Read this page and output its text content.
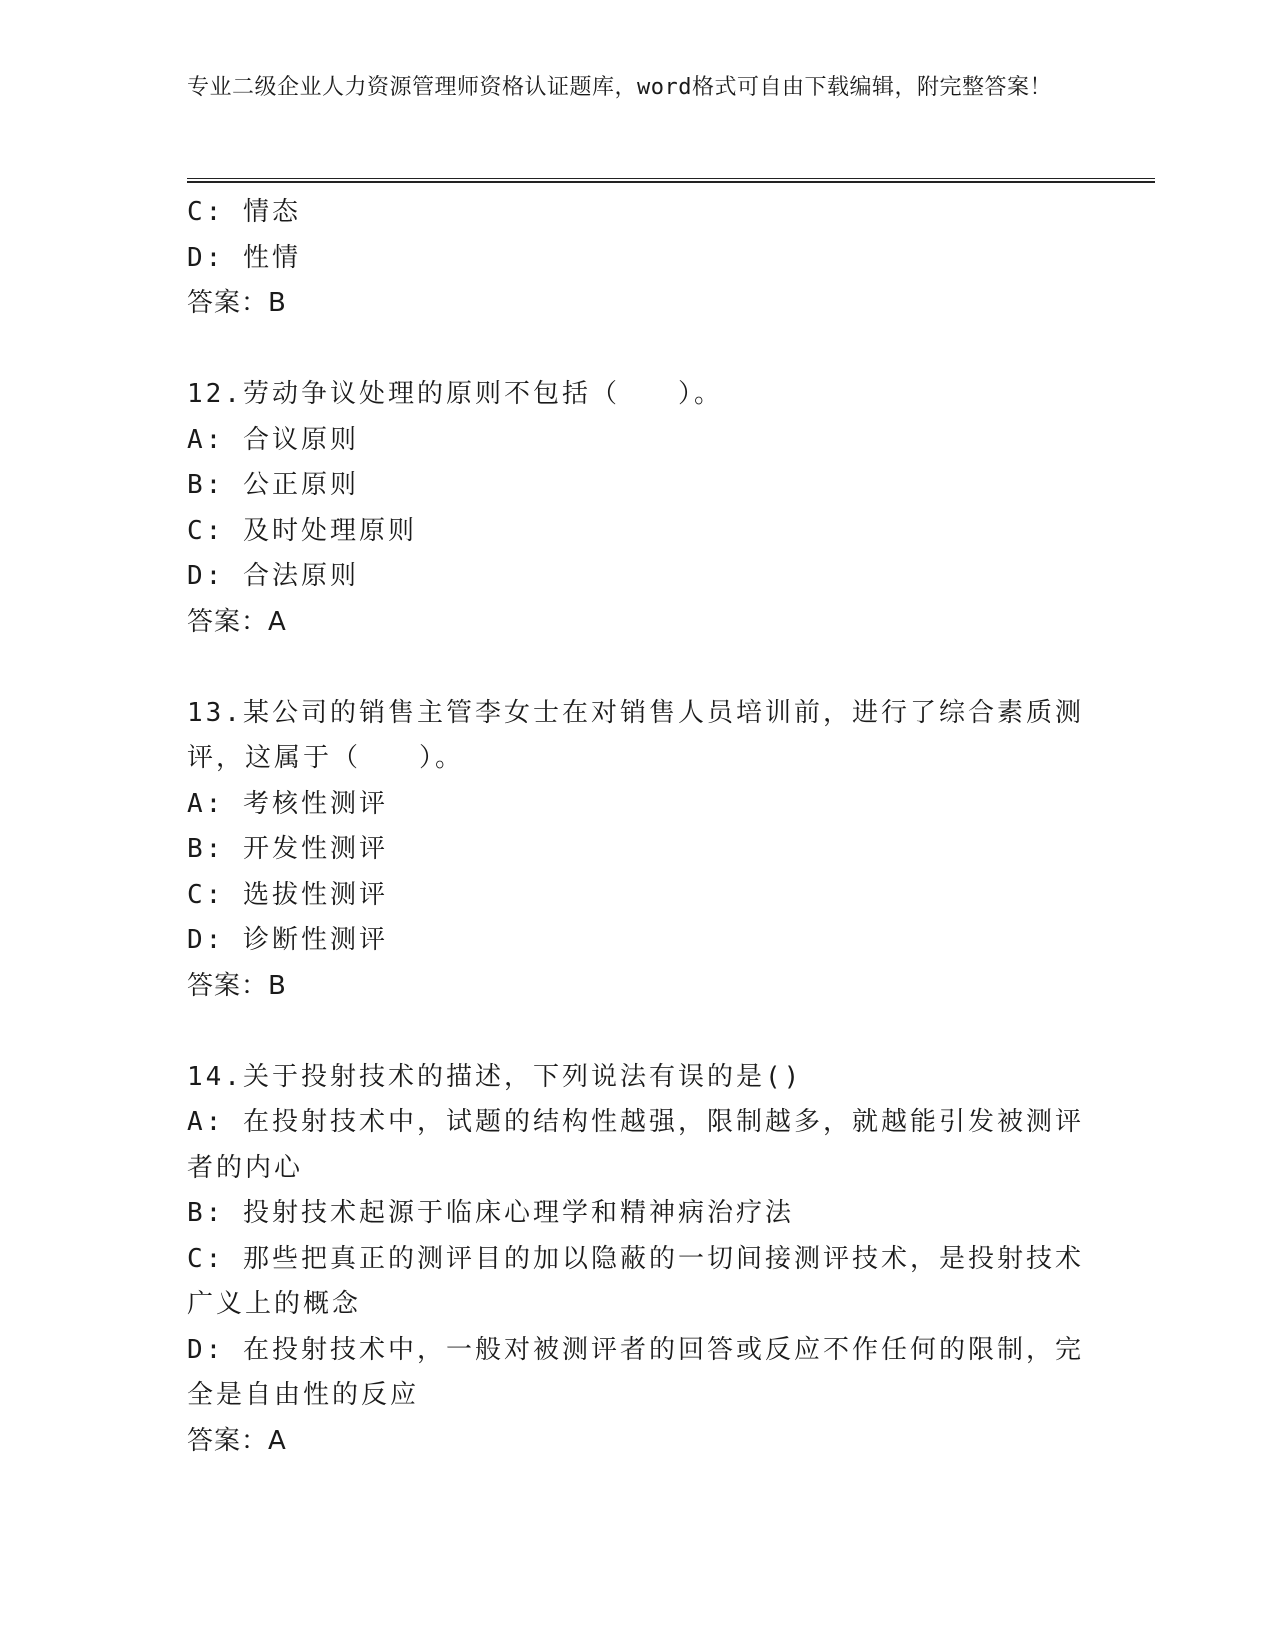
专业二级企业人力资源管理师资格认证题库，word格式可自由下载编辑，附完整答案！

C: 情态

D: 性情

答案：B

12.劳动争议处理的原则不包括（　　）。

A: 合议原则

B: 公正原则

C: 及时处理原则

D: 合法原则

答案：A

13.某公司的销售主管李女士在对销售人员培训前，进行了综合素质测评，这属于（　　）。

A: 考核性测评

B: 开发性测评

C: 选拔性测评

D: 诊断性测评

答案：B

14.关于投射技术的描述，下列说法有误的是()

A: 在投射技术中，试题的结构性越强，限制越多，就越能引发被测评者的内心

B: 投射技术起源于临床心理学和精神病治疗法

C: 那些把真正的测评目的加以隐蔽的一切间接测评技术，是投射技术广义上的概念

D: 在投射技术中，一般对被测评者的回答或反应不作任何的限制，完全是自由性的反应

答案：A
